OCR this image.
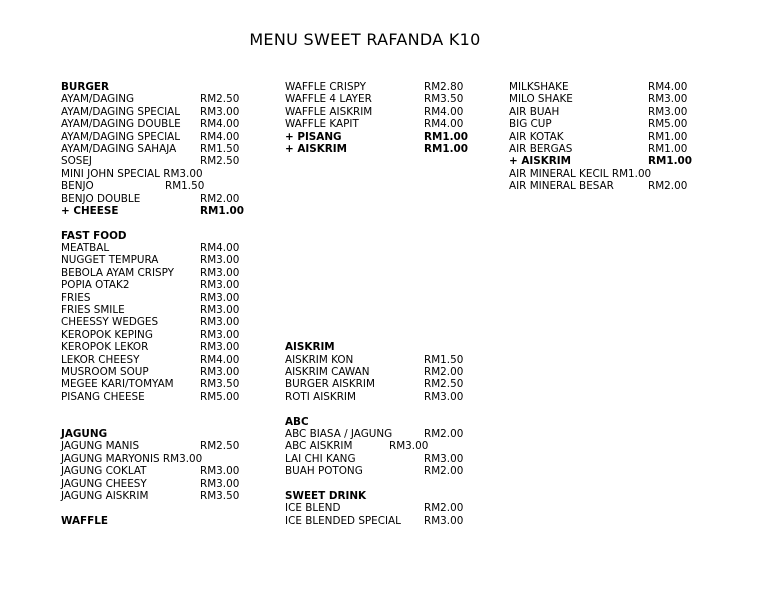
MENU SWEET RAFANDA K10
BURGER
AYAM/DAGING	RM2.50
AYAM/DAGING SPECIAL RM3.00
AYAM/DAGING DOUBLE RM4.00
AYAM/DAGING SPECIAL RM4.00
AYAM/DAGING SAHAJA RM1.50
SOSEJ	RM2.50
MINI JOHN SPECIAL RM3.00
BENJO	RM1.50
BENJO DOUBLE	RM2.00
+ CHEESE	RM1.00
FAST FOOD
MEATBAL	RM4.00
NUGGET TEMPURA	RM3.00
BEBOLA AYAM CRISPY	RM3.00
POPIA OTAK2	RM3.00
FRIES	RM3.00
FRIES SMILE	RM3.00
CHEESSY WEDGES	RM3.00
KEROPOK KEPING	RM3.00
KEROPOK LEKOR	RM3.00
LEKOR CHEESY	RM4.00
MUSROOM SOUP	RM3.00
MEGEE KARI/TOMYAM	RM3.50
PISANG CHEESE	RM5.00
JAGUNG
JAGUNG MANIS	RM2.50
JAGUNG MARYONIS RM3.00
JAGUNG COKLAT	RM3.00
JAGUNG CHEESY	RM3.00
JAGUNG AISKRIM	RM3.50
WAFFLE
WAFFLE CRISPY	RM2.80
WAFFLE 4 LAYER	RM3.50
WAFFLE AISKRIM	RM4.00
WAFFLE KAPIT	RM4.00
+ PISANG	RM1.00
+ AISKRIM	RM1.00
AISKRIM
AISKRIM KON	RM1.50
AISKRIM CAWAN	RM2.00
BURGER AISKRIM	RM2.50
ROTI AISKRIM	RM3.00
ABC
ABC BIASA / JAGUNG	RM2.00
ABC AISKRIM	RM3.00
LAI CHI KANG	RM3.00
BUAH POTONG	RM2.00
SWEET DRINK
ICE BLEND	RM2.00
ICE BLENDED SPECIAL RM3.00
MILKSHAKE	RM4.00
MILO SHAKE	RM3.00
AIR BUAH	RM3.00
BIG CUP	RM5.00
AIR KOTAK	RM1.00
AIR BERGAS	RM1.00
+ AISKRIM	RM1.00
AIR MINERAL KECIL RM1.00
AIR MINERAL BESAR	RM2.00
